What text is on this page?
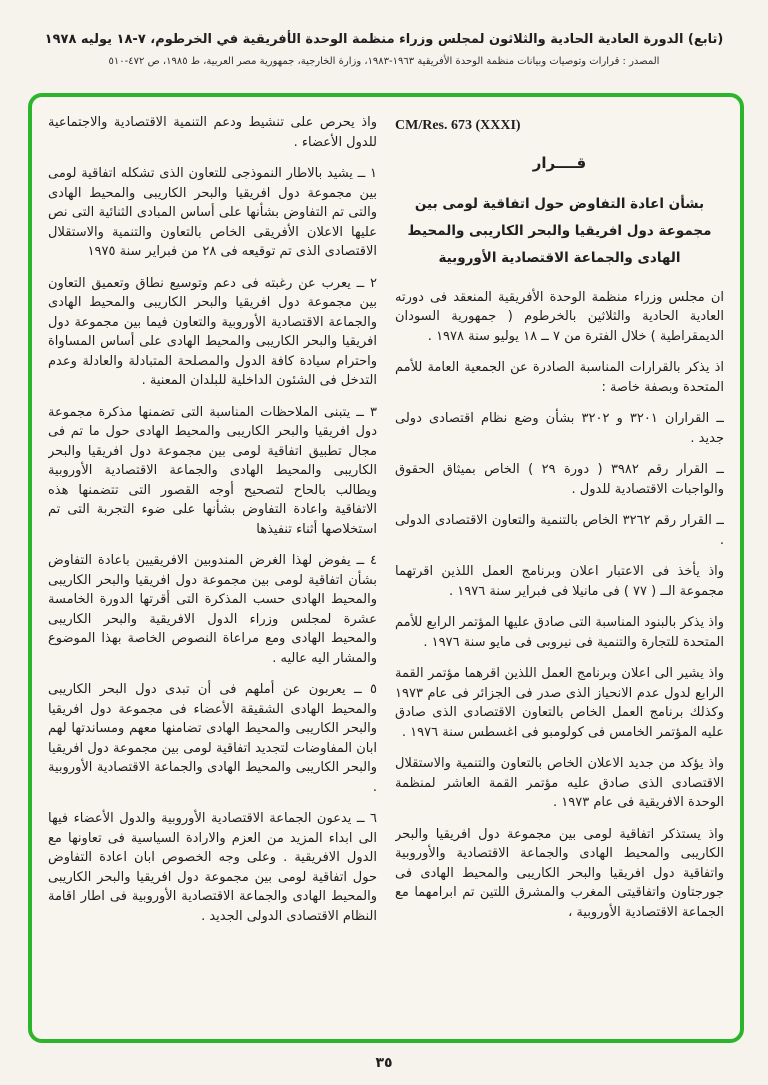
(تابع) الدورة العادية الحادية والثلاثون لمجلس وزراء منظمة الوحدة الأفريقية في الخرطوم، ٧-١٨ يوليه ١٩٧٨
المصدر : قرارات وتوصيات وبيانات منظمة الوحدة الأفريقية ١٩٦٣-١٩٨٣، وزارة الخارجية، جمهورية مصر العربية، ط ١٩٨٥، ص ٤٧٢-٥١٠
CM/Res. 673 (XXXI)
قــــرار
بشأن اعادة التفاوض حول اتفاقية لومى بين مجموعة دول افريقيا والبحر الكاريبى والمحيط الهادى والجماعة الاقتصادية الأوروبية

ان مجلس وزراء منظمة الوحدة الأفريقية المنعقد فى دورته العادية الحادية والثلاثين بالخرطوم ( جمهورية السودان الديمقراطية ) خلال الفترة من ٧ ــ ١٨ يوليو سنة ١٩٧٨ .

اذ يذكر بالقرارات المناسبة الصادرة عن الجمعية العامة للأمم المتحدة وبصفة خاصة :

ــ القراران ٣٢٠١ و ٣٢٠٢ بشأن وضع نظام اقتصادى دولى جديد .

ــ القرار رقم ٣٩٨٢ ( دورة ٢٩ ) الخاص بميثاق الحقوق والواجبات الاقتصادية للدول .

ــ القرار رقم ٣٢٦٢ الخاص بالتنمية والتعاون الاقتصادى الدولى .

واذ يأخذ فى الاعتبار اعلان وبرنامج العمل اللذين اقرتهما مجموعة الــ ( ٧٧ ) فى مانيلا فى فبراير سنة ١٩٧٦ .

واذ يذكر بالبنود المناسبة التى صادق عليها المؤتمر الرابع للأمم المتحدة للتجارة والتنمية فى نيروبى فى مايو سنة ١٩٧٦ .

واذ يشير الى اعلان وبرنامج العمل اللذين اقرهما مؤتمر القمة الرابع لدول عدم الانحياز الذى صدر فى الجزائر فى عام ١٩٧٣ وكذلك برنامج العمل الخاص بالتعاون الاقتصادى الذى صادق عليه المؤتمر الخامس فى كولومبو فى اغسطس سنة ١٩٧٦ .

واذ يؤكد من جديد الاعلان الخاص بالتعاون والتنمية والاستقلال الاقتصادى الذى صادق عليه مؤتمر القمة العاشر لمنظمة الوحدة الافريقية فى عام ١٩٧٣ .

واذ يستذكر اتفاقية لومى بين مجموعة دول افريقيا والبحر الكاريبى والمحيط الهادى والجماعة الاقتصادية والأوروبية واتفاقية دول افريقيا والبحر الكاريبى والمحيط الهادى فى جورجتاون واتفاقيتى المغرب والمشرق اللتين تم ابرامهما مع الجماعة الاقتصادية الأوروبية ،

واذ يحرص على تنشيط ودعم التنمية الاقتصادية والاجتماعية للدول الأعضاء .

١ ــ يشيد بالاطار النموذجى للتعاون الذى تشكله اتفاقية لومى بين مجموعة دول افريقيا والبحر الكاريبى والمحيط الهادى والتى تم التفاوض بشأنها على أساس المبادى الثنائية التى نص عليها الاعلان الأفريقى الخاص بالتعاون والتنمية والاستقلال الاقتصادى الذى تم توقيعه فى ٢٨ من فبراير سنة ١٩٧٥

٢ ــ يعرب عن رغبته فى دعم وتوسيع نطاق وتعميق التعاون بين مجموعة دول افريقيا والبحر الكاريبى والمحيط الهادى والجماعة الاقتصادية الأوروبية والتعاون فيما بين مجموعة دول افريقيا والبحر الكاريبى والمحيط الهادى على أساس المساواة واحترام سيادة كافة الدول والمصلحة المتبادلة والعادلة وعدم التدخل فى الشئون الداخلية للبلدان المعنية .

٣ ــ يتبنى الملاحظات المناسبة التى تضمنها مذكرة مجموعة دول افريقيا والبحر الكاريبى والمحيط الهادى حول ما تم فى مجال تطبيق اتفاقية لومى بين مجموعة دول افريقيا والبحر الكاريبى والمحيط الهادى والجماعة الاقتصادية الأوروبية ويطالب بالحاح لتصحيح أوجه القصور التى تتضمنها هذه الاتفاقية واعادة التفاوض بشأنها على ضوء التجربة التى تم استخلاصها أثناء تنفيذها

٤ ــ يفوض لهذا الغرض المندوبين الافريقيين باعادة التفاوض بشأن اتفاقية لومى بين مجموعة دول افريقيا والبحر الكاريبى والمحيط الهادى حسب المذكرة التى أقرتها الدورة الخامسة عشرة لمجلس وزراء الدول الافريقية والبحر الكاريبى والمحيط الهادى ومع مراعاة النصوص الخاصة بهذا الموضوع والمشار اليه عاليه .

٥ ــ يعربون عن أملهم فى أن تبدى دول البحر الكاريبى والمحيط الهادى الشقيقة الأعضاء فى مجموعة دول افريقيا والبحر الكاريبى والمحيط الهادى تضامنها معهم ومساندتها لهم ابان المفاوضات لتجديد اتفاقية لومى بين مجموعة دول افريقيا والبحر الكاريبى والمحيط الهادى والجماعة الاقتصادية الأوروبية .

٦ ــ يدعون الجماعة الاقتصادية الأوروبية والدول الأعضاء فيها الى ابداء المزيد من العزم والارادة السياسية فى تعاونها مع الدول الافريقية . وعلى وجه الخصوص ابان اعادة التفاوض حول اتفاقية لومى بين مجموعة دول افريقيا والبحر الكاريبى والمحيط الهادى والجماعة الاقتصادية الأوروبية فى اطار اقامة النظام الاقتصادى الدولى الجديد .

٣٥
